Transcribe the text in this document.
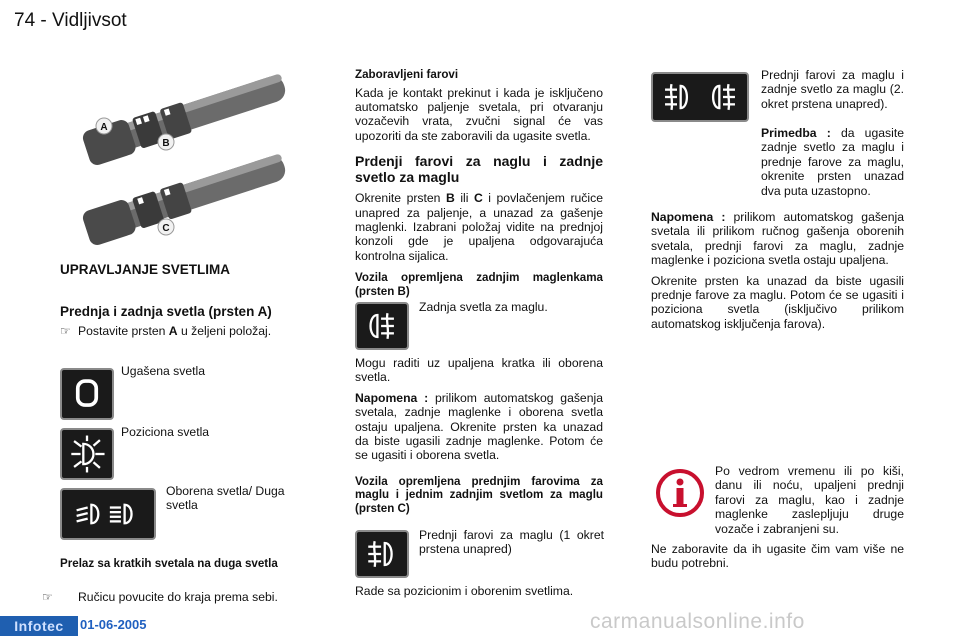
74 - Vidljivsot
A
B
C
UPRAVLJANJE SVETLIMA
Prednja i zadnja svetla (prsten A)
☞ Postavite prsten A u željeni položaj.
Ugašena svetla
Poziciona svetla
Oborena svetla/ Duga svetla
Prelaz sa kratkih svetala na duga svetla
☞ Ručicu povucite do kraja prema sebi.
Zaboravljeni farovi

Kada je kontakt prekinut i kada je isključeno automatsko paljenje svetala, pri otvaranju vozačevih vrata, zvučni signal će vas upozoriti da ste zaboravili da ugasite svetla.

Prdenji farovi za naglu i zadnje svetlo za maglu

Okrenite prsten B ili C i povlačenjem ručice unapred za paljenje, a unazad za gašenje maglenki. Izabrani položaj vidite na prednjoj konzoli gde je upaljena odgovarajuća kontrolna sijalica.

Vozila opremljena zadnjim maglenkama (prsten B)
Zadnja svetla za maglu.

Mogu raditi uz upaljena kratka ili oborena svetla.

Napomena : prilikom automatskog gašenja svetala, zadnje maglenke i oborena svetla ostaju upaljena. Okrenite prsten ka unazad da biste ugasili zadnje maglenke. Potom će se ugasiti i oborena svetla.

Vozila opremljena prednjim farovima za maglu i jednim zadnjim svetlom za maglu (prsten C)
Prednji farovi za maglu (1 okret prstena unapred)
Rade sa pozicionim i oborenim svetlima.
Prednji farovi za maglu i zadnje svetlo za maglu (2. okret prstena unapred).

Primedba : da ugasite zadnje svetlo za maglu i prednje farove za maglu, okrenite prsten unazad dva puta uzastopno.

Napomena : prilikom automatskog gašenja svetala ili prilikom ručnog gašenja oborenih svetala, prednji farovi za maglu, zadnje maglenke i poziciona svetla ostaju upaljena.

Okrenite prsten ka unazad da biste ugasili prednje farove za maglu. Potom će se ugasiti i poziciona svetla (isključivo prilikom automatskog isključenja farova).

Po vedrom vremenu ili po kiši, danu ili noću, upaljeni prednji farovi za maglu, kao i zadnje maglenke zaslepljuju druge vozače i zabranjeni su.

Ne zaboravite da ih ugasite čim vam više ne budu potrebni.

Infotec	01-06-2005	carmanualsonline.info
